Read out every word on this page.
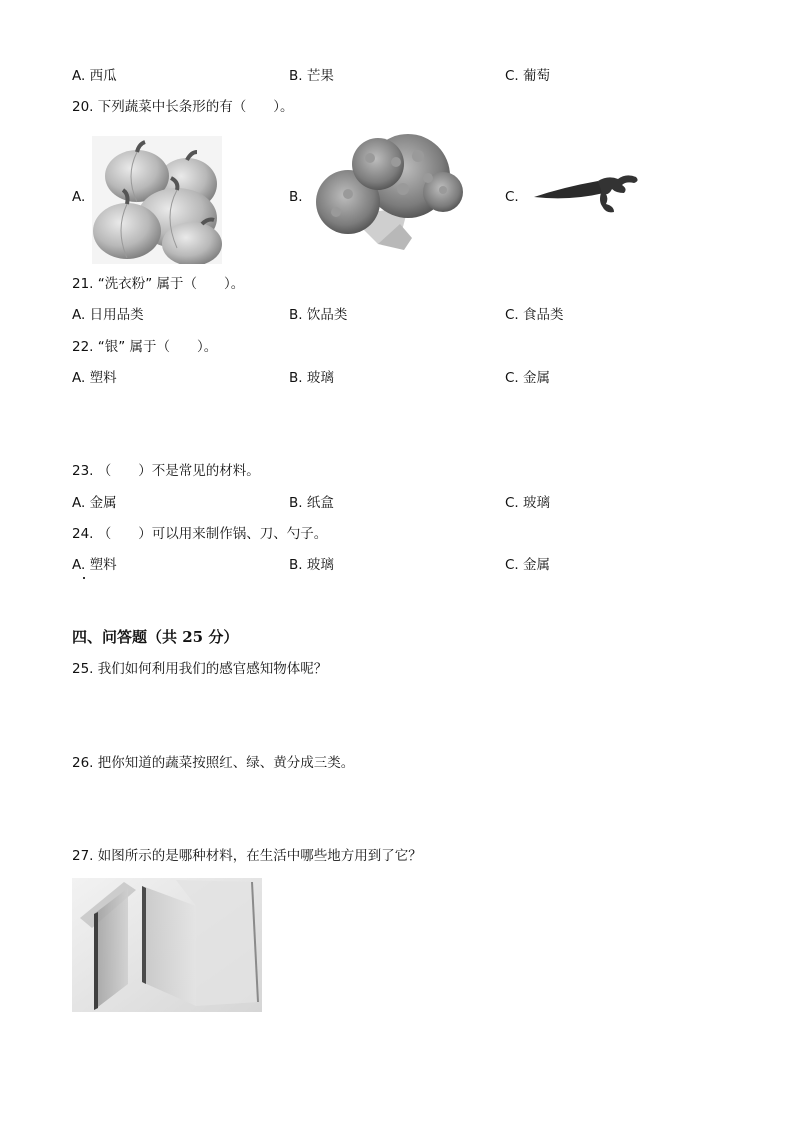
A. 西瓜	B. 芒果	C. 葡萄
20. 下列蔬菜中长条形的有（　　）。
A.	B.	C.
21. “洗衣粉” 属于（　　）。
A. 日用品类	B. 饮品类	C. 食品类
22. “银” 属于（　　）。
A. 塑料	B. 玻璃	C. 金属
23. （　　）不是常见的材料。
A. 金属	B. 纸盒	C. 玻璃
24. （　　）可以用来制作锅、刀、勺子。
A. 塑料	B. 玻璃	C. 金属
四、问答题（共 25 分）
25. 我们如何利用我们的感官感知物体呢？
26. 把你知道的蔬菜按照红、绿、黄分成三类。
27. 如图所示的是哪种材料，在生活中哪些地方用到了它？
